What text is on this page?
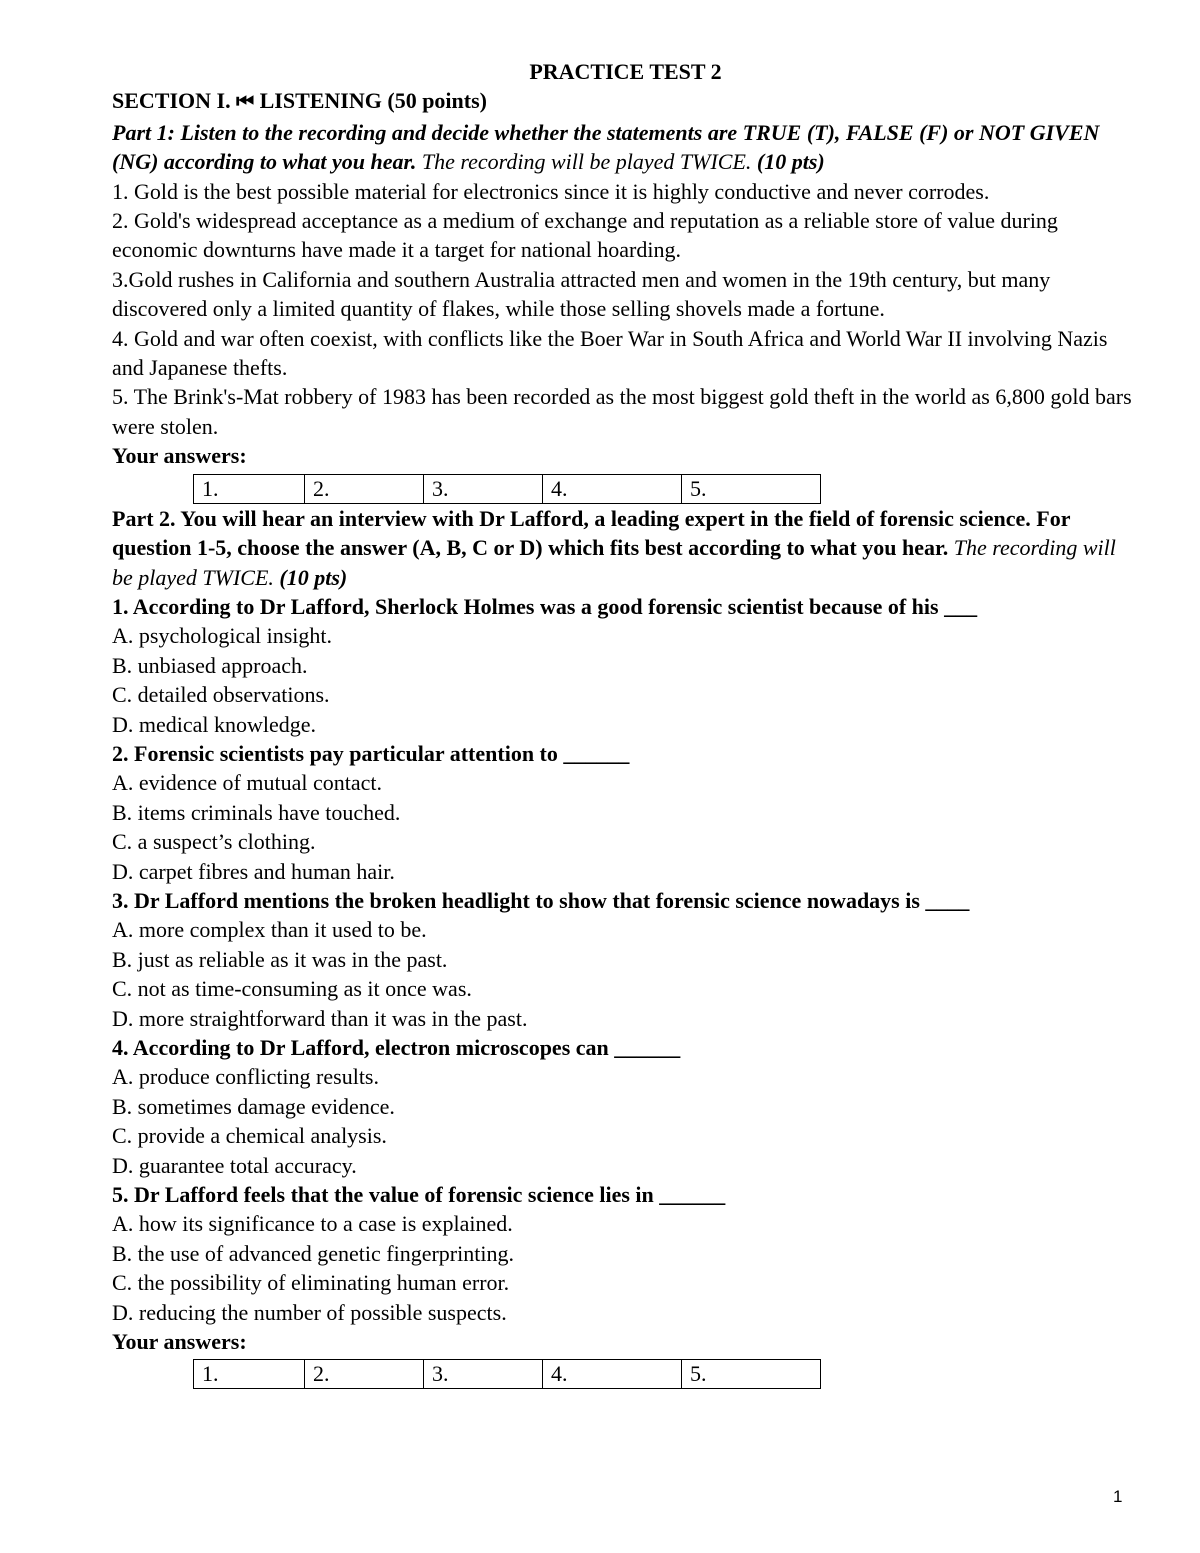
PRACTICE TEST 2

SECTION I. ⏮ LISTENING (50 points)

Part 1: Listen to the recording and decide whether the statements are TRUE (T), FALSE (F) or NOT GIVEN (NG) according to what you hear. The recording will be played TWICE. (10 pts)

1. Gold is the best possible material for electronics since it is highly conductive and never corrodes.

2. Gold's widespread acceptance as a medium of exchange and reputation as a reliable store of value during economic downturns have made it a target for national hoarding.

3.Gold rushes in California and southern Australia attracted men and women in the 19th century, but many discovered only a limited quantity of flakes, while those selling shovels made a fortune.

4. Gold and war often coexist, with conflicts like the Boer War in South Africa and World War II involving Nazis and Japanese thefts.

5. The Brink's-Mat robbery of 1983 has been recorded as the most biggest gold theft in the world as 6,800 gold bars were stolen.

Your answers:

1.	2.	3.	4.	5.

Part 2. You will hear an interview with Dr Lafford, a leading expert in the field of forensic science. For question 1-5, choose the answer (A, B, C or D) which fits best according to what you hear. The recording will be played TWICE. (10 pts)

1. According to Dr Lafford, Sherlock Holmes was a good forensic scientist because of his ___

A. psychological insight.

B. unbiased approach.

C. detailed observations.

D. medical knowledge.

2. Forensic scientists pay particular attention to ______

A. evidence of mutual contact.

B. items criminals have touched.

C. a suspect’s clothing.

D. carpet fibres and human hair.

3. Dr Lafford mentions the broken headlight to show that forensic science nowadays is ____

A. more complex than it used to be.

B. just as reliable as it was in the past.

C. not as time-consuming as it once was.

D. more straightforward than it was in the past.

4. According to Dr Lafford, electron microscopes can ______

A. produce conflicting results.

B. sometimes damage evidence.

C. provide a chemical analysis.

D. guarantee total accuracy.

5. Dr Lafford feels that the value of forensic science lies in ______

A. how its significance to a case is explained.

B. the use of advanced genetic fingerprinting.

C. the possibility of eliminating human error.

D. reducing the number of possible suspects.

Your answers:

1.	2.	3.	4.	5.
1
